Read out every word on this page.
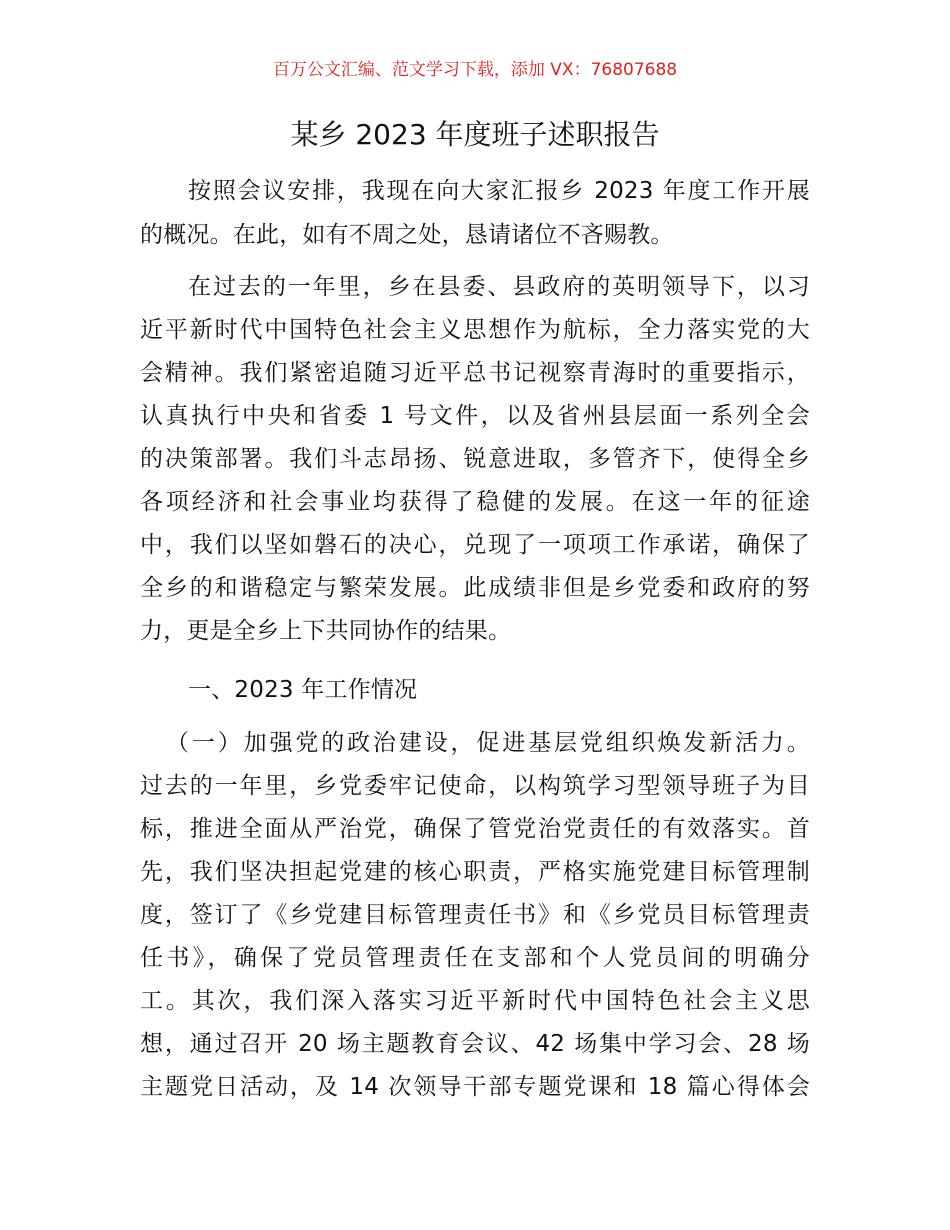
百万公文汇编、范文学习下载，添加 VX：76807688
某乡 2023 年度班子述职报告
按照会议安排，我现在向大家汇报乡 2023 年度工作开展
的概况。在此，如有不周之处，恳请诸位不吝赐教。
在过去的一年里，乡在县委、县政府的英明领导下，以习
近平新时代中国特色社会主义思想作为航标，全力落实党的大
会精神。我们紧密追随习近平总书记视察青海时的重要指示，
认真执行中央和省委 1 号文件，以及省州县层面一系列全会
的决策部署。我们斗志昂扬、锐意进取，多管齐下，使得全乡
各项经济和社会事业均获得了稳健的发展。在这一年的征途
中，我们以坚如磐石的决心，兑现了一项项工作承诺，确保了
全乡的和谐稳定与繁荣发展。此成绩非但是乡党委和政府的努
力，更是全乡上下共同协作的结果。
一、2023 年工作情况
（一）加强党的政治建设，促进基层党组织焕发新活力。
过去的一年里，乡党委牢记使命，以构筑学习型领导班子为目
标，推进全面从严治党，确保了管党治党责任的有效落实。首
先，我们坚决担起党建的核心职责，严格实施党建目标管理制
度，签订了《乡党建目标管理责任书》和《乡党员目标管理责
任书》，确保了党员管理责任在支部和个人党员间的明确分
工。其次，我们深入落实习近平新时代中国特色社会主义思
想，通过召开 20 场主题教育会议、42 场集中学习会、28 场
主题党日活动，及 14 次领导干部专题党课和 18 篇心得体会
